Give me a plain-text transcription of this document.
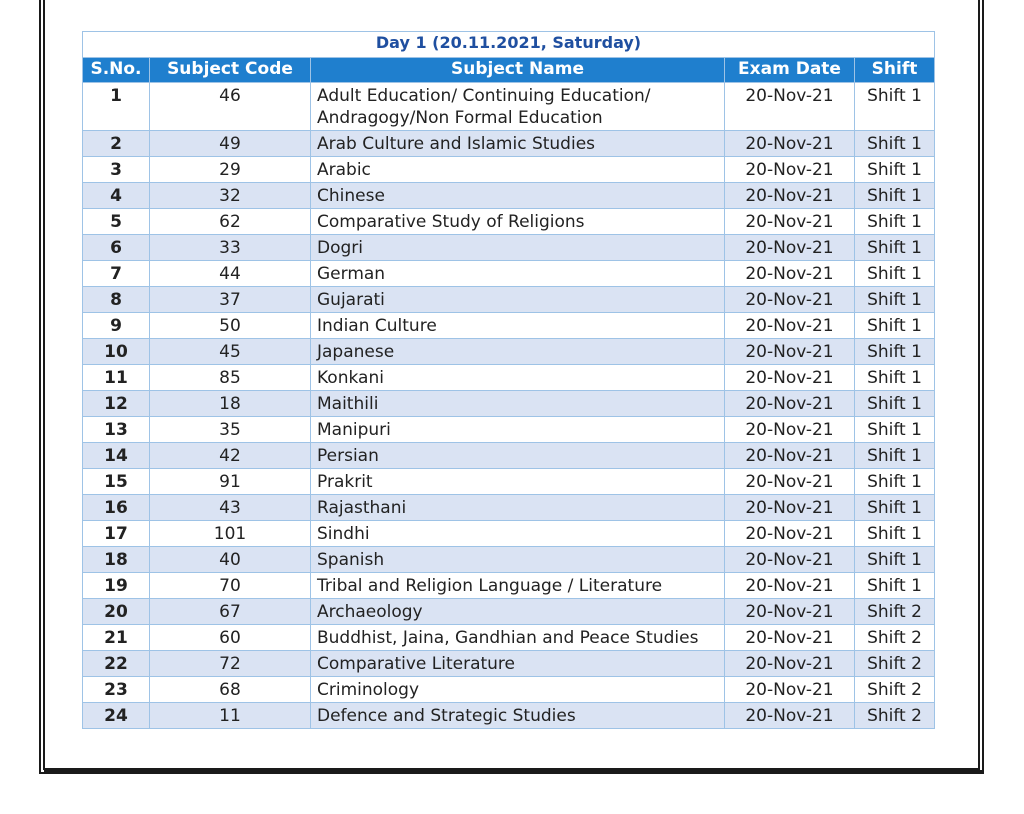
Day 1 (20.11.2021, Saturday)				
S.No.	Subject Code	Subject Name	Exam Date	Shift
1	46	Adult Education/ Continuing Education/ Andragogy/Non Formal Education	20-Nov-21	Shift 1
2	49	Arab Culture and Islamic Studies	20-Nov-21	Shift 1
3	29	Arabic	20-Nov-21	Shift 1
4	32	Chinese	20-Nov-21	Shift 1
5	62	Comparative Study of Religions	20-Nov-21	Shift 1
6	33	Dogri	20-Nov-21	Shift 1
7	44	German	20-Nov-21	Shift 1
8	37	Gujarati	20-Nov-21	Shift 1
9	50	Indian Culture	20-Nov-21	Shift 1
10	45	Japanese	20-Nov-21	Shift 1
11	85	Konkani	20-Nov-21	Shift 1
12	18	Maithili	20-Nov-21	Shift 1
13	35	Manipuri	20-Nov-21	Shift 1
14	42	Persian	20-Nov-21	Shift 1
15	91	Prakrit	20-Nov-21	Shift 1
16	43	Rajasthani	20-Nov-21	Shift 1
17	101	Sindhi	20-Nov-21	Shift 1
18	40	Spanish	20-Nov-21	Shift 1
19	70	Tribal and Religion Language / Literature	20-Nov-21	Shift 1
20	67	Archaeology	20-Nov-21	Shift 2
21	60	Buddhist, Jaina, Gandhian and Peace Studies	20-Nov-21	Shift 2
22	72	Comparative Literature	20-Nov-21	Shift 2
23	68	Criminology	20-Nov-21	Shift 2
24	11	Defence and Strategic Studies	20-Nov-21	Shift 2
